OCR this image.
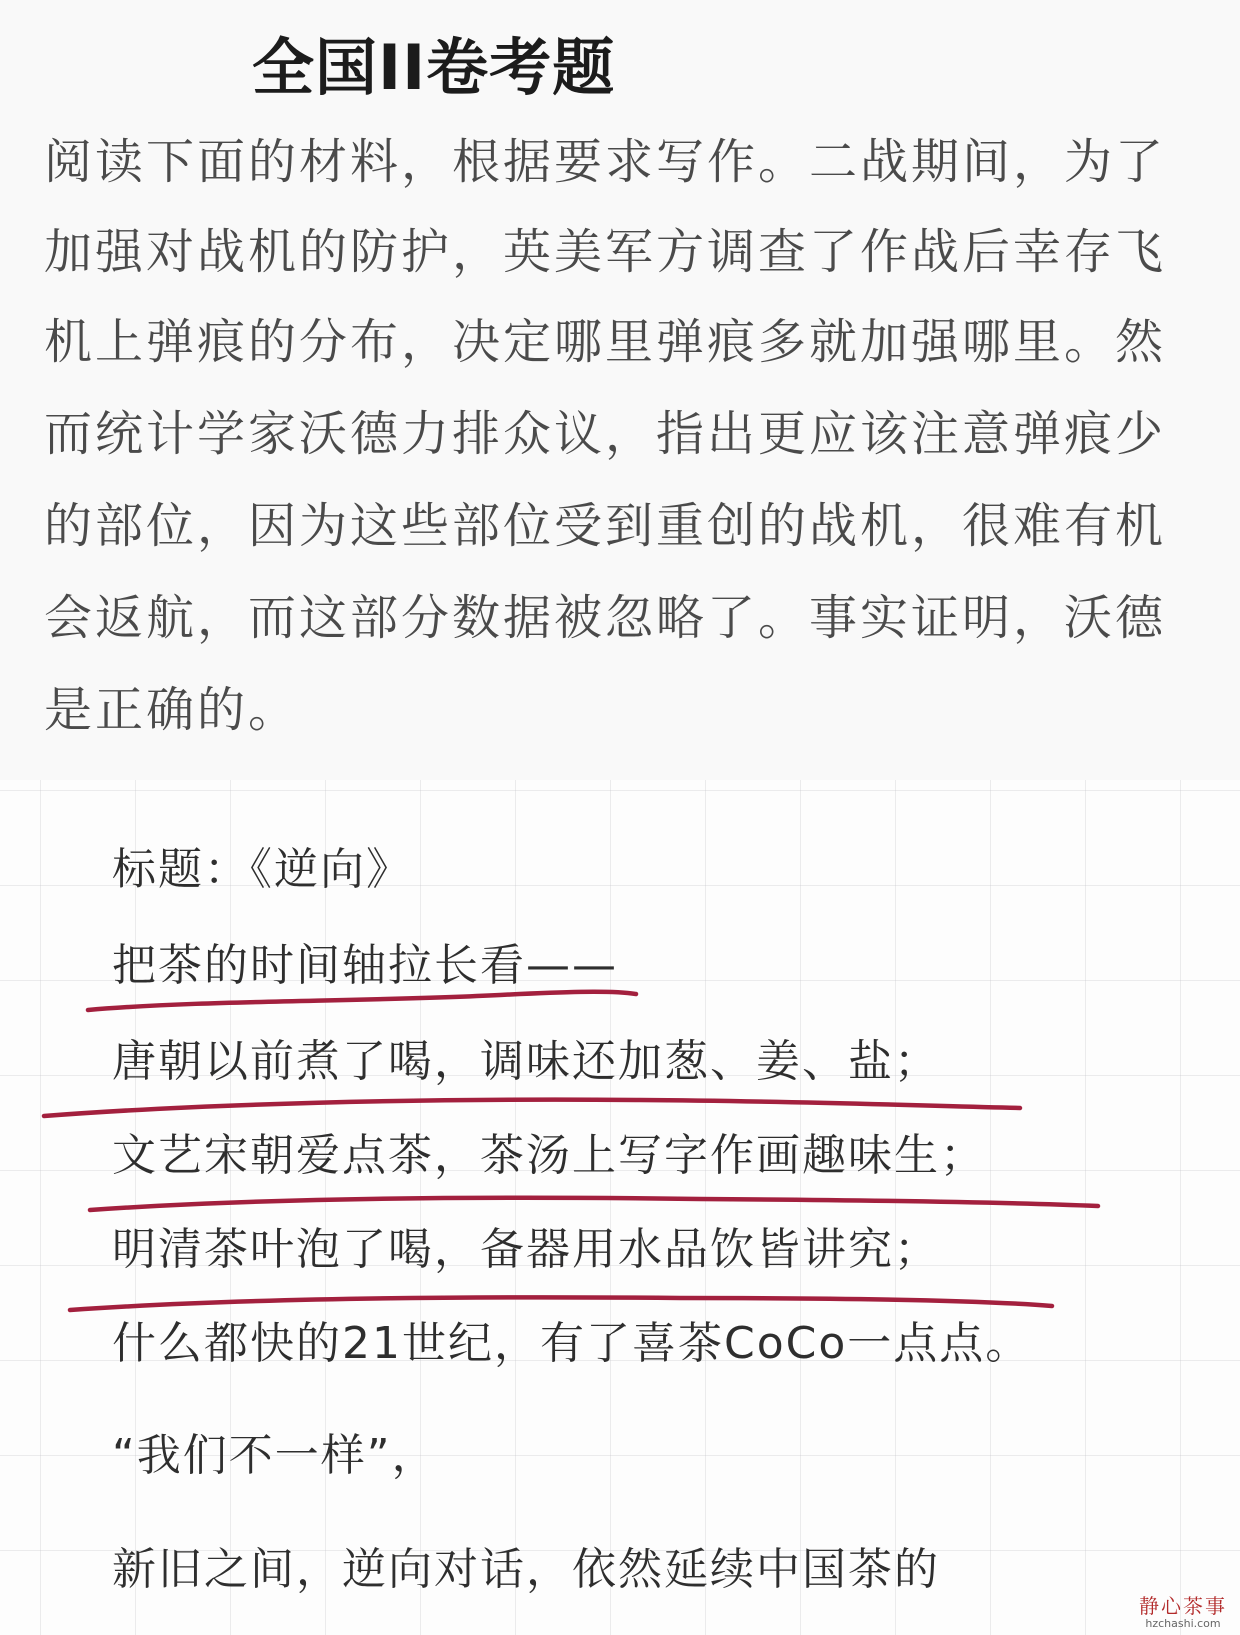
全国II卷考题
阅读下面的材料，根据要求写作。二战期间，为了
加强对战机的防护，英美军方调查了作战后幸存飞
机上弹痕的分布，决定哪里弹痕多就加强哪里。然
而统计学家沃德力排众议，指出更应该注意弹痕少
的部位，因为这些部位受到重创的战机，很难有机
会返航，而这部分数据被忽略了。事实证明，沃德
是正确的。
标题：《逆向》
把茶的时间轴拉长看——
唐朝以前煮了喝，调味还加葱、姜、盐；
文艺宋朝爱点茶，茶汤上写字作画趣味生；
明清茶叶泡了喝，备器用水品饮皆讲究；
什么都快的21世纪，有了喜茶CoCo一点点。
“我们不一样”，
新旧之间，逆向对话，依然延续中国茶的
静心茶事
hzchashi.com
